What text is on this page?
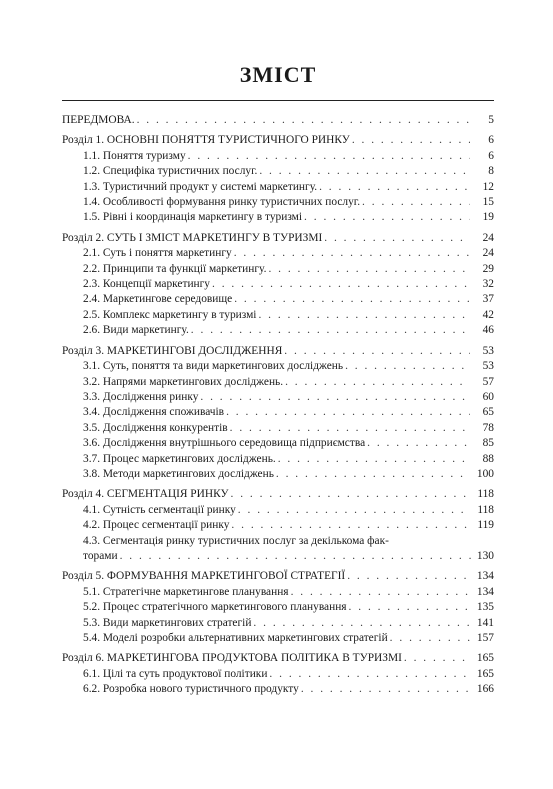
ЗМІСТ
ПЕРЕДМОВА. . . .	5
Розділ 1. ОСНОВНІ ПОНЯТТЯ ТУРИСТИЧНОГО РИНКУ . . .	6
1.1. Поняття туризму . . .	6
1.2. Специфіка туристичних послуг. . . .	8
1.3. Туристичний продукт у системі маркетингу. . . .	12
1.4. Особливості формування ринку туристичних послуг. . . .	15
1.5. Рівні і координація маркетингу в туризмі . . .	19
Розділ 2. СУТЬ І ЗМІСТ МАРКЕТИНГУ В ТУРИЗМІ . . .	24
2.1. Суть і поняття маркетингу . . .	24
2.2. Принципи та функції маркетингу. . . .	29
2.3. Концепції маркетингу . . .	32
2.4. Маркетингове середовище . . .	37
2.5. Комплекс маркетингу в туризмі . . .	42
2.6. Види маркетингу. . . .	46
Розділ 3. МАРКЕТИНГОВІ ДОСЛІДЖЕННЯ . . .	53
3.1. Суть, поняття та види маркетингових досліджень . . .	53
3.2. Напрями маркетингових досліджень. . . .	57
3.3. Дослідження ринку . . .	60
3.4. Дослідження споживачів . . .	65
3.5. Дослідження конкурентів . . .	78
3.6. Дослідження внутрішнього середовища підприємства . . .	85
3.7. Процес маркетингових досліджень. . . .	88
3.8. Методи маркетингових досліджень . . .	100
Розділ 4. СЕГМЕНТАЦІЯ РИНКУ . . .	118
4.1. Сутність сегментації ринку . . .	118
4.2. Процес сегментації ринку . . .	119
4.3. Сегментація ринку туристичних послуг за декількома фак-
торами . . .	130
Розділ 5. ФОРМУВАННЯ МАРКЕТИНГОВОЇ СТРАТЕГІЇ . . .	134
5.1. Стратегічне маркетингове планування . . .	134
5.2. Процес стратегічного маркетингового планування . . .	135
5.3. Види маркетингових стратегій . . .	141
5.4. Моделі розробки альтернативних маркетингових стратегій . . .	157
Розділ 6. МАРКЕТИНГОВА ПРОДУКТОВА ПОЛІТИКА В ТУРИЗМІ . . .	165
6.1. Цілі та суть продуктової політики . . .	165
6.2. Розробка нового туристичного продукту . . .	166
